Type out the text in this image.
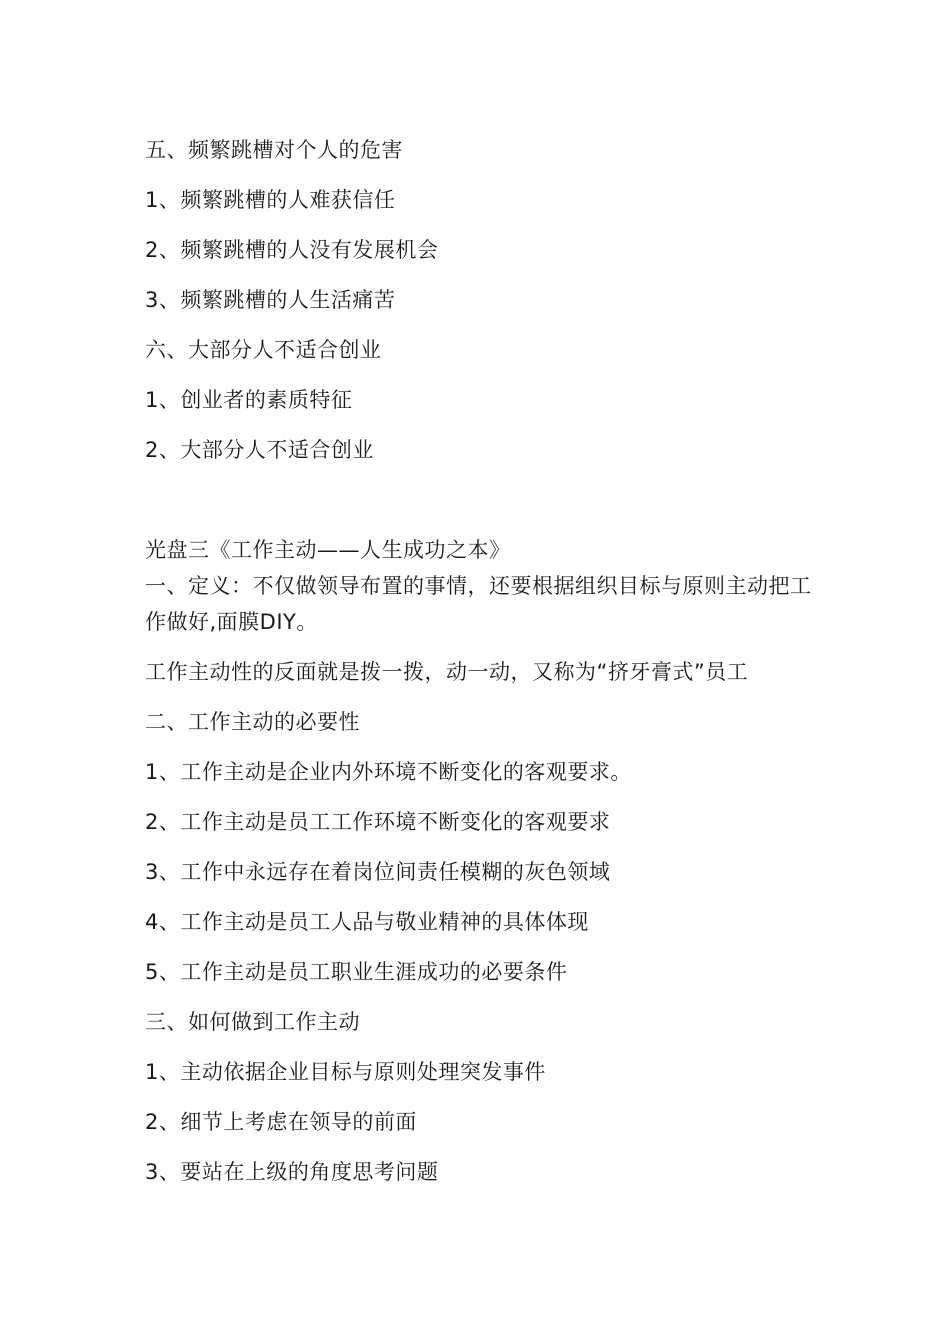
五、频繁跳槽对个人的危害
1、频繁跳槽的人难获信任
2、频繁跳槽的人没有发展机会
3、频繁跳槽的人生活痛苦
六、大部分人不适合创业
1、创业者的素质特征
2、大部分人不适合创业
光盘三《工作主动——人生成功之本》
一、定义：不仅做领导布置的事情，还要根据组织目标与原则主动把工作做好,面膜DIY。
工作主动性的反面就是拨一拨，动一动，又称为“挤牙膏式”员工
二、工作主动的必要性
1、工作主动是企业内外环境不断变化的客观要求。
2、工作主动是员工工作环境不断变化的客观要求
3、工作中永远存在着岗位间责任模糊的灰色领域
4、工作主动是员工人品与敬业精神的具体体现
5、工作主动是员工职业生涯成功的必要条件
三、如何做到工作主动
1、主动依据企业目标与原则处理突发事件
2、细节上考虑在领导的前面
3、要站在上级的角度思考问题
